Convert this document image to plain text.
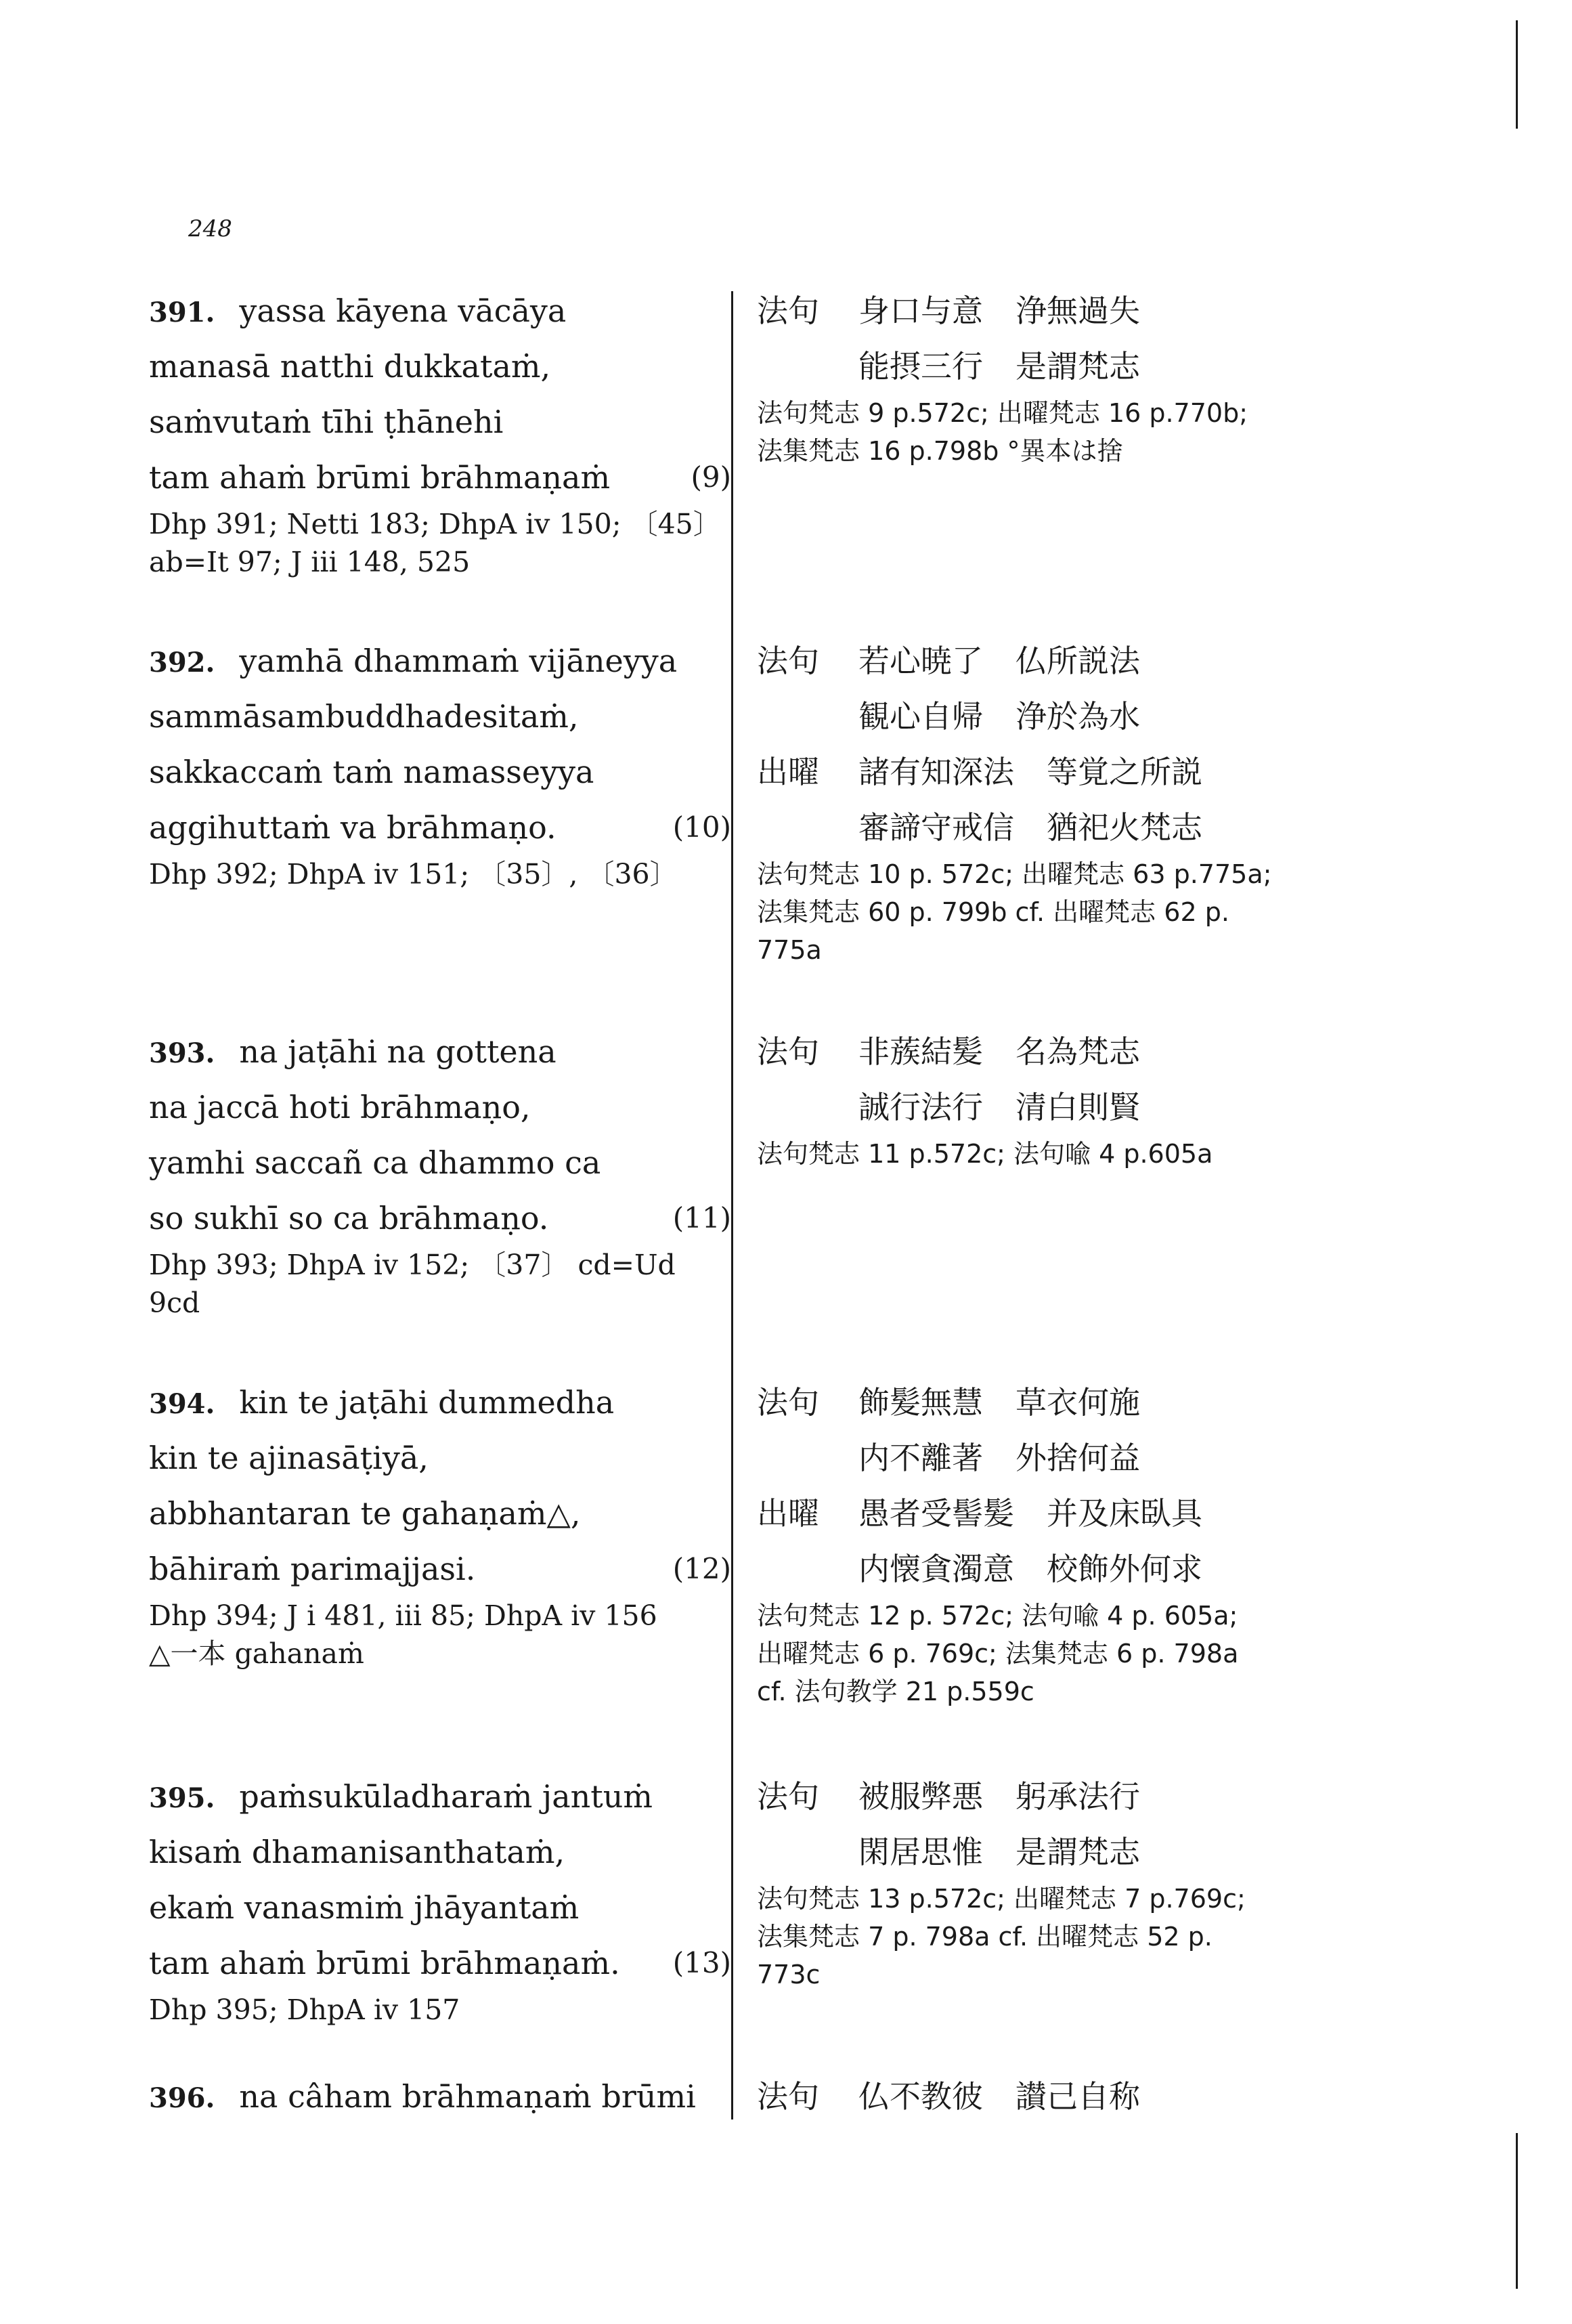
248
391. yassa kāyena vācāya
manasā natthi dukkataṁ,
saṁvutaṁ tīhi ṭhānehi
tam ahaṁ brūmi brāhmaṇaṁ	(9)
Dhp 391; Netti 183; DhpA iv 150; 〔45〕
ab=It 97; J iii 148, 525
法句 身口与意 浄無過失
能摂三行 是謂梵志
法句梵志 9 p.572c; 出曜梵志 16 p.770b;
法集梵志 16 p.798b °異本は捨
392. yamhā dhammaṁ vijāneyya
sammāsambuddhadesitaṁ,
sakkaccaṁ taṁ namasseyya
aggihuttaṁ va brāhmaṇo.	(10)
Dhp 392; DhpA iv 151; 〔35〕, 〔36〕
法句 若心暁了 仏所説法
観心自帰 浄於為水
出曜 諸有知深法 等覚之所説
審諦守戒信 猶祀火梵志
法句梵志 10 p. 572c; 出曜梵志 63 p.775a;
法集梵志 60 p. 799b cf. 出曜梵志 62 p.
775a
393. na jaṭāhi na gottena
na jaccā hoti brāhmaṇo,
yamhi saccañ ca dhammo ca
so sukhī so ca brāhmaṇo.	(11)
Dhp 393; DhpA iv 152; 〔37〕 cd=Ud
9cd
法句 非蔟結髪 名為梵志
誠行法行 清白則賢
法句梵志 11 p.572c; 法句喩 4 p.605a
394. kin te jaṭāhi dummedha
kin te ajinasāṭiyā,
abbhantaran te gahaṇaṁ△,
bāhiraṁ parimajjasi.	(12)
Dhp 394; J i 481, iii 85; DhpA iv 156
△一本 gahanaṁ
法句 飾髪無慧 草衣何施
内不離著 外捨何益
出曜 愚者受髻髪 并及床臥具
内懐貪濁意 校飾外何求
法句梵志 12 p. 572c; 法句喩 4 p. 605a;
出曜梵志 6 p. 769c; 法集梵志 6 p. 798a
cf. 法句教学 21 p.559c
395. paṁsukūladharaṁ jantuṁ
kisaṁ dhamanisanthataṁ,
ekaṁ vanasmiṁ jhāyantaṁ
tam ahaṁ brūmi brāhmaṇaṁ. (13)
Dhp 395; DhpA iv 157
法句 被服弊悪 躬承法行
閑居思惟 是謂梵志
法句梵志 13 p.572c; 出曜梵志 7 p.769c;
法集梵志 7 p. 798a cf. 出曜梵志 52 p.
773c
396. na câham brāhmaṇaṁ brūmi	法句 仏不教彼 讃己自称
